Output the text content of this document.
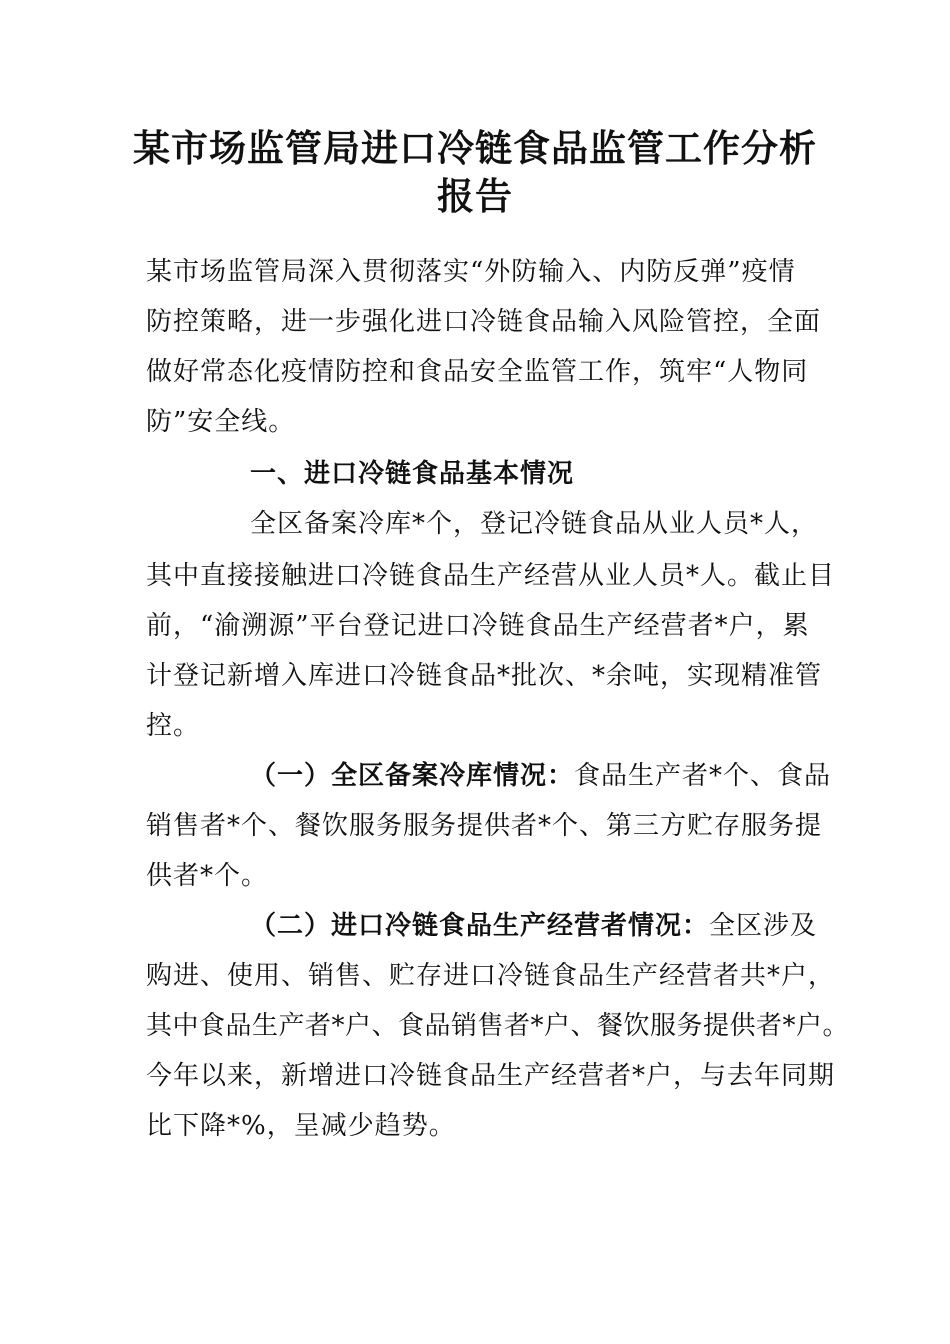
某市场监管局进口冷链食品监管工作分析
报告
某市场监管局深入贯彻落实“外防输入、内防反弹”疫情
防控策略，进一步强化进口冷链食品输入风险管控，全面
做好常态化疫情防控和食品安全监管工作，筑牢“人物同
防”安全线。
一、进口冷链食品基本情况
全区备案冷库*个，登记冷链食品从业人员*人，
其中直接接触进口冷链食品生产经营从业人员*人。截止目
前，“渝溯源”平台登记进口冷链食品生产经营者*户，累
计登记新增入库进口冷链食品*批次、*余吨，实现精准管
控。
（一）全区备案冷库情况：食品生产者*个、食品
销售者*个、餐饮服务服务提供者*个、第三方贮存服务提
供者*个。
（二）进口冷链食品生产经营者情况：全区涉及
购进、使用、销售、贮存进口冷链食品生产经营者共*户，
其中食品生产者*户、食品销售者*户、餐饮服务提供者*户。
今年以来，新增进口冷链食品生产经营者*户，与去年同期
比下降*%，呈减少趋势。
